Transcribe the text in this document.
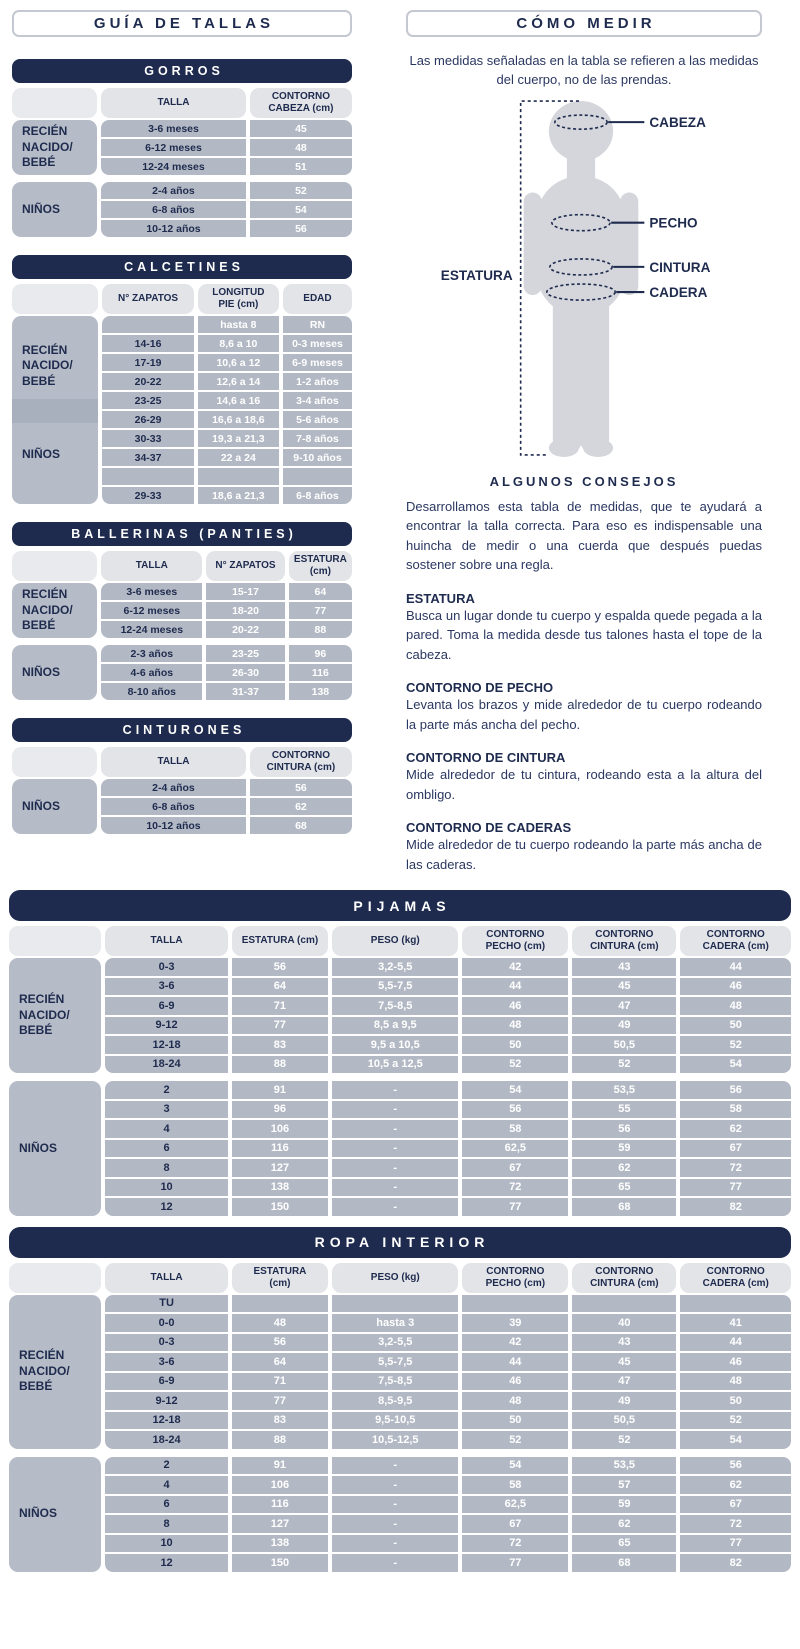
GUÍA DE TALLAS
GORROS
	TALLA	CONTORNO
CABEZA (cm)
RECIÉN
NACIDO/
BEBÉ	3-6 meses	45
	6-12 meses	48
	12-24 meses	51

NIÑOS	2-4 años	52
	6-8 años	54
	10-12 años	56
CALCETINES
	N° ZAPATOS	LONGITUD
PIE (cm)	EDAD

RECIÉN
NACIDO/
BEBÉ
NIÑOS		hasta 8	RN
	14-16	8,6 a 10	0-3 meses
	17-19	10,6 a 12	6-9 meses
	20-22	12,6 a 14	1-2 años
	23-25	14,6 a 16	3-4 años
	26-29	16,6 a 18,6	5-6 años
	30-33	19,3 a 21,3	7-8 años
	34-37	22 a 24	9-10 años

	29-33	18,6 a 21,3	6-8 años
BALLERINAS (PANTIES)
	TALLA	N° ZAPATOS	ESTATURA
(cm)
RECIÉN
NACIDO/
BEBÉ	3-6 meses	15-17	64
	6-12 meses	18-20	77
	12-24 meses	20-22	88

NIÑOS	2-3 años	23-25	96
	4-6 años	26-30	116
	8-10 años	31-37	138
CINTURONES
	TALLA	CONTORNO
CINTURA (cm)
NIÑOS	2-4 años	56
	6-8 años	62
	10-12 años	68
CÓMO MEDIR

Las medidas señaladas en la tabla se refieren a las medidas del cuerpo, no de las prendas.

CABEZA
PECHO
CINTURA
CADERA
ESTATURA
ALGUNOS CONSEJOS

Desarrollamos esta tabla de medidas, que te ayudará a encontrar la talla correcta. Para eso es indispensable una huincha de medir o una cuerda que después puedas sostener sobre una regla.

ESTATURA

Busca un lugar donde tu cuerpo y espalda quede pegada a la pared. Toma la medida desde tus talones hasta el tope de la cabeza.

CONTORNO DE PECHO

Levanta los brazos y mide alrededor de tu cuerpo rodeando la parte más ancha del pecho.

CONTORNO DE CINTURA

Mide alrededor de tu cintura, rodeando esta a la altura del ombligo.

CONTORNO DE CADERAS

Mide alrededor de tu cuerpo rodeando la parte más ancha de las caderas.

PIJAMAS
	TALLA	ESTATURA (cm)	PESO (kg)	CONTORNO
PECHO (cm)	CONTORNO
CINTURA (cm)	CONTORNO
CADERA (cm)
RECIÉN
NACIDO/
BEBÉ	0-3	56	3,2-5,5	42	43	44
	3-6	64	5,5-7,5	44	45	46
	6-9	71	7,5-8,5	46	47	48
	9-12	77	8,5 a 9,5	48	49	50
	12-18	83	9,5 a 10,5	50	50,5	52
	18-24	88	10,5 a 12,5	52	52	54

NIÑOS	2	91	-	54	53,5	56
	3	96	-	56	55	58
	4	106	-	58	56	62
	6	116	-	62,5	59	67
	8	127	-	67	62	72
	10	138	-	72	65	77
	12	150	-	77	68	82
ROPA INTERIOR
	TALLA	ESTATURA
(cm)	PESO (kg)	CONTORNO
PECHO (cm)	CONTORNO
CINTURA (cm)	CONTORNO
CADERA (cm)
RECIÉN
NACIDO/
BEBÉ	TU					
	0-0	48	hasta 3	39	40	41
	0-3	56	3,2-5,5	42	43	44
	3-6	64	5,5-7,5	44	45	46
	6-9	71	7,5-8,5	46	47	48
	9-12	77	8,5-9,5	48	49	50
	12-18	83	9,5-10,5	50	50,5	52
	18-24	88	10,5-12,5	52	52	54

NIÑOS	2	91	-	54	53,5	56
	4	106	-	58	57	62
	6	116	-	62,5	59	67
	8	127	-	67	62	72
	10	138	-	72	65	77
	12	150	-	77	68	82
